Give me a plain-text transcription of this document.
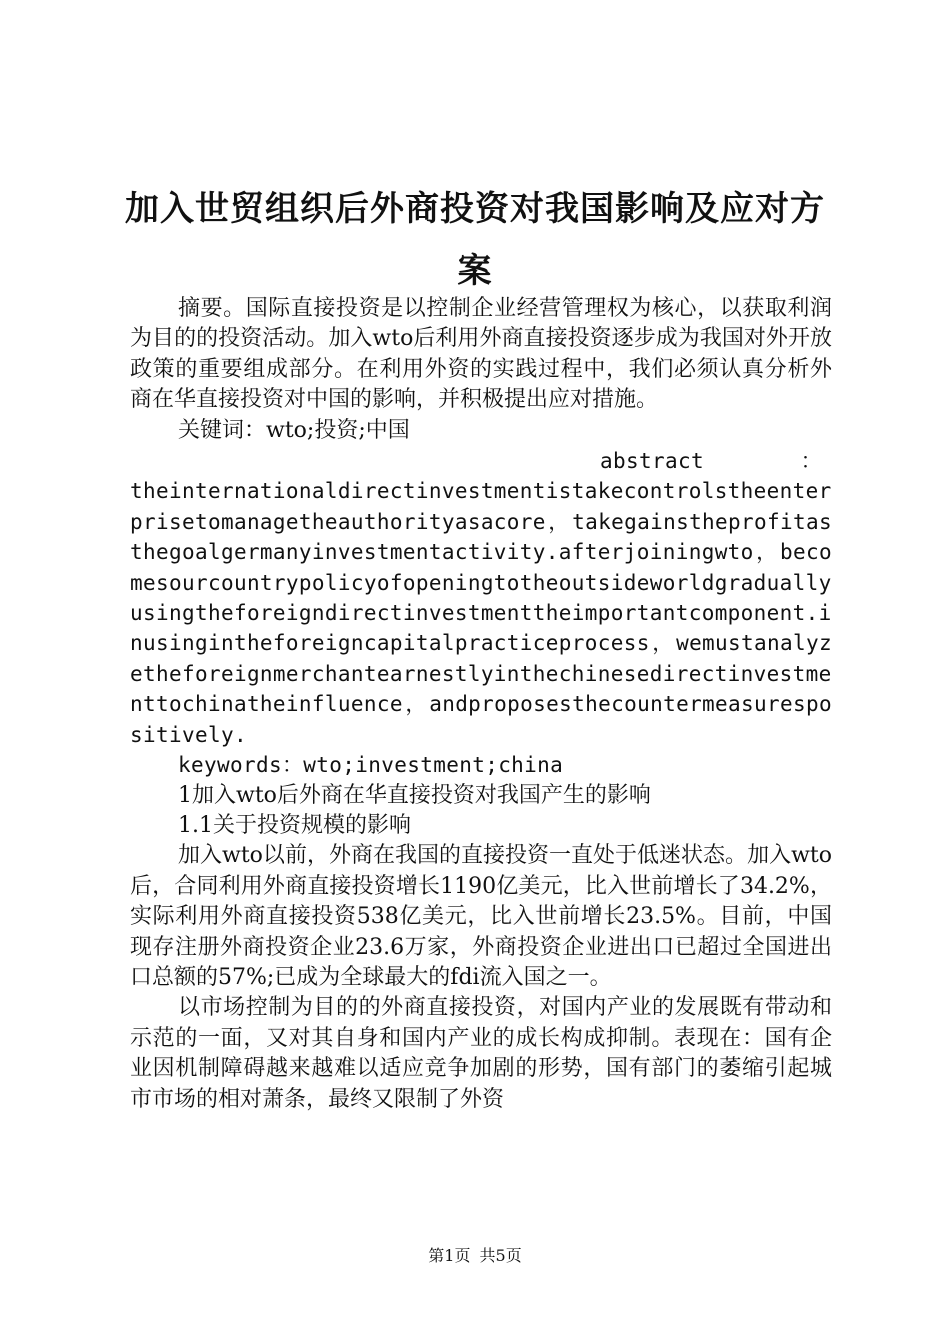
加入世贸组织后外商投资对我国影响及应对方案

摘要。国际直接投资是以控制企业经营管理权为核心，以获取利润为目的的投资活动。加入wto后利用外商直接投资逐步成为我国对外开放政策的重要组成部分。在利用外资的实践过程中，我们必须认真分析外商在华直接投资对中国的影响，并积极提出应对措施。

关键词：wto;投资;中国

abstract	：

theinternationaldirectinvestmentistakecontrolstheenterprisetomanagetheauthorityasacore，takegainstheprofitasthegoalgermanyinvestmentactivity.afterjoiningwto，becomesourcountrypolicyofopeningtotheoutsideworldgraduallyusingtheforeigndirectinvestmenttheimportantcomponent.inusingintheforeigncapitalpracticeprocess，wemustanalyzetheforeignmerchantearnestlyinthechinesedirectinvestmenttochinatheinfluence，andproposesthecountermeasurespositively.

keywords：wto;investment;china

1加入wto后外商在华直接投资对我国产生的影响

1.1关于投资规模的影响

加入wto以前，外商在我国的直接投资一直处于低迷状态。加入wto后，合同利用外商直接投资增长1190亿美元，比入世前增长了34.2%，实际利用外商直接投资538亿美元，比入世前增长23.5%。目前，中国现存注册外商投资企业23.6万家，外商投资企业进出口已超过全国进出口总额的57%;已成为全球最大的fdi流入国之一。

以市场控制为目的的外商直接投资，对国内产业的发展既有带动和示范的一面，又对其自身和国内产业的成长构成抑制。表现在：国有企业因机制障碍越来越难以适应竞争加剧的形势，国有部门的萎缩引起城市市场的相对萧条，最终又限制了外资

第1页 共5页
